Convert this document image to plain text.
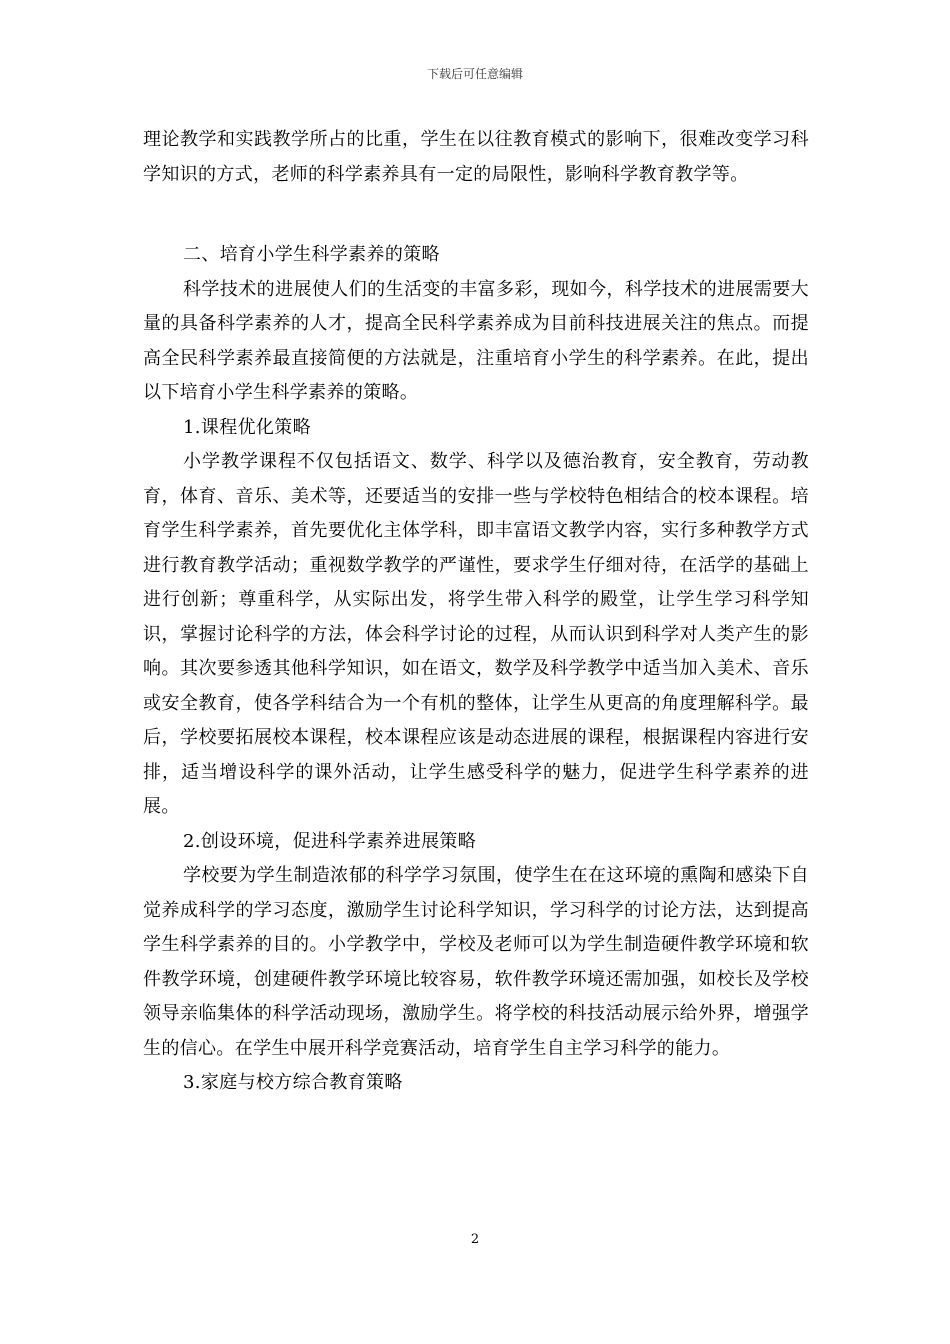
下载后可任意编辑

理论教学和实践教学所占的比重，学生在以往教育模式的影响下，很难改变学习科学知识的方式，老师的科学素养具有一定的局限性，影响科学教育教学等。

二、培育小学生科学素养的策略

科学技术的进展使人们的生活变的丰富多彩，现如今，科学技术的进展需要大量的具备科学素养的人才，提高全民科学素养成为目前科技进展关注的焦点。而提高全民科学素养最直接简便的方法就是，注重培育小学生的科学素养。在此，提出以下培育小学生科学素养的策略。

1.课程优化策略

小学教学课程不仅包括语文、数学、科学以及德治教育，安全教育，劳动教育，体育、音乐、美术等，还要适当的安排一些与学校特色相结合的校本课程。培育学生科学素养，首先要优化主体学科，即丰富语文教学内容，实行多种教学方式进行教育教学活动；重视数学教学的严谨性，要求学生仔细对待，在活学的基础上进行创新；尊重科学，从实际出发，将学生带入科学的殿堂，让学生学习科学知识，掌握讨论科学的方法，体会科学讨论的过程，从而认识到科学对人类产生的影响。其次要参透其他科学知识，如在语文，数学及科学教学中适当加入美术、音乐或安全教育，使各学科结合为一个有机的整体，让学生从更高的角度理解科学。最后，学校要拓展校本课程，校本课程应该是动态进展的课程，根据课程内容进行安排，适当增设科学的课外活动，让学生感受科学的魅力，促进学生科学素养的进展。

2.创设环境，促进科学素养进展策略

学校要为学生制造浓郁的科学学习氛围，使学生在在这环境的熏陶和感染下自觉养成科学的学习态度，激励学生讨论科学知识，学习科学的讨论方法，达到提高学生科学素养的目的。小学教学中，学校及老师可以为学生制造硬件教学环境和软件教学环境，创建硬件教学环境比较容易，软件教学环境还需加强，如校长及学校领导亲临集体的科学活动现场，激励学生。将学校的科技活动展示给外界，增强学生的信心。在学生中展开科学竞赛活动，培育学生自主学习科学的能力。

3.家庭与校方综合教育策略

2
